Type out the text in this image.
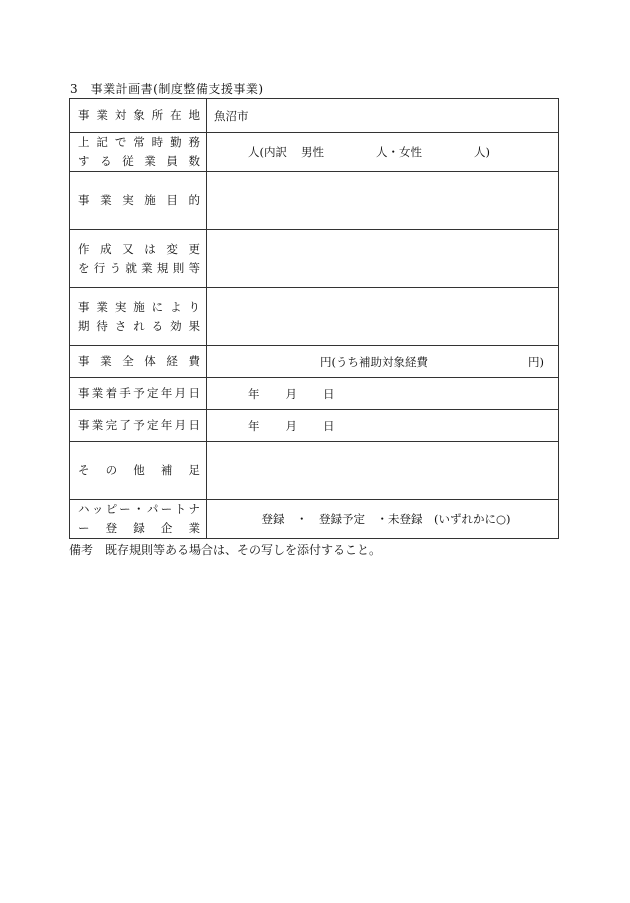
3　事業計画書(制度整備支援事業)
事業対象所在地	魚沼市

上記で常時勤務
する従業員数	人(内訳 男性 人・女性 人)

事業実施目的	

作成又は変更
を行う就業規則等	

事業実施により
期待される効果	

事業全体経費	円(うち補助対象経費 円)

事業着手予定年月日	年 月 日

事業完了予定年月日	年 月 日

その他補足	

ハッピー・パートナ
ー登録企業	登録　・　登録予定　・未登録　(いずれかに○)
備考　既存規則等ある場合は、その写しを添付すること。
